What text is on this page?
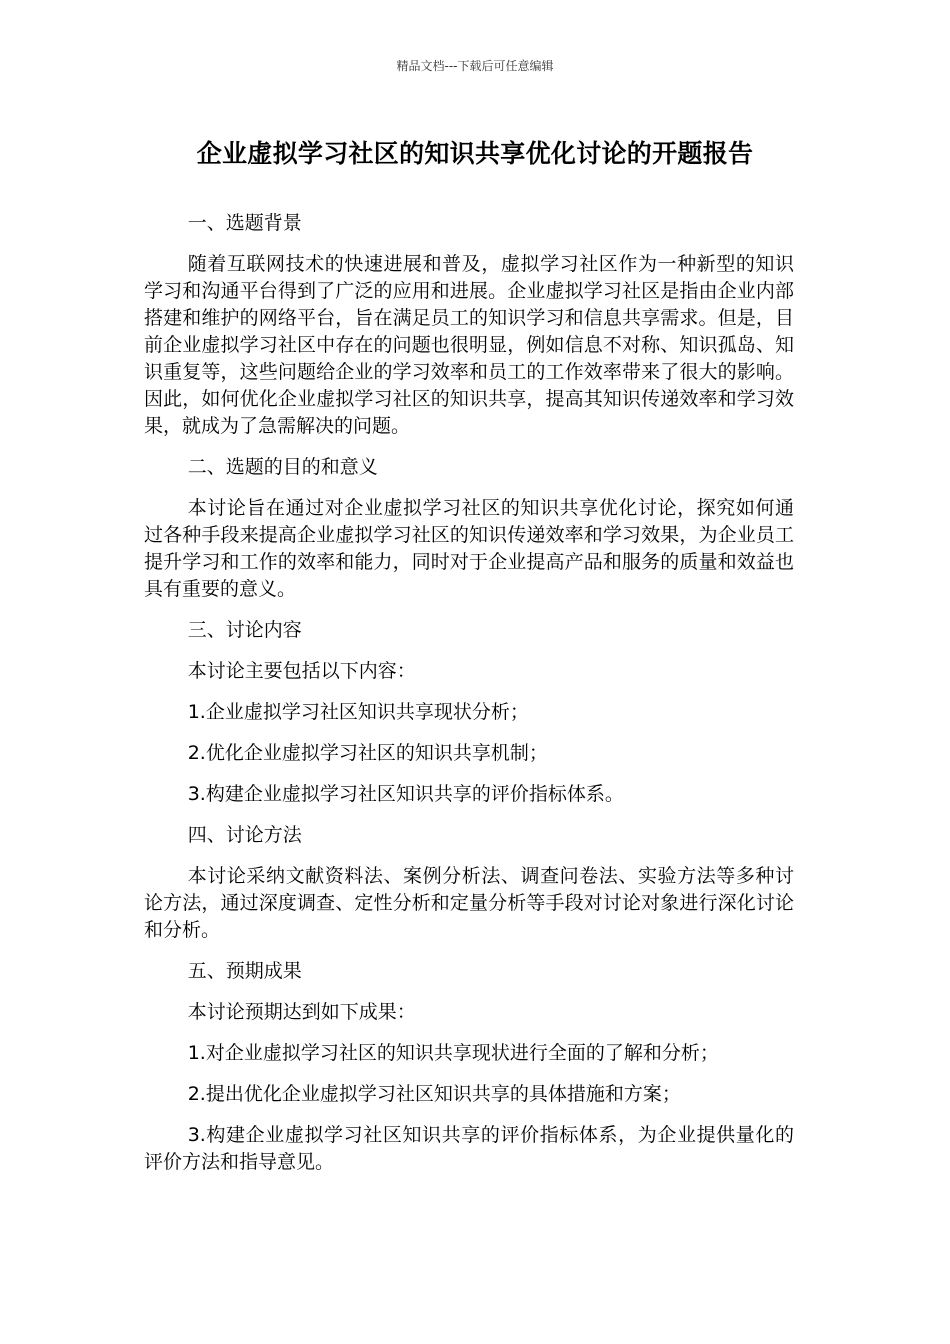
精品文档---下载后可任意编辑
企业虚拟学习社区的知识共享优化讨论的开题报告

一、选题背景

随着互联网技术的快速进展和普及，虚拟学习社区作为一种新型的知识学习和沟通平台得到了广泛的应用和进展。企业虚拟学习社区是指由企业内部搭建和维护的网络平台，旨在满足员工的知识学习和信息共享需求。但是，目前企业虚拟学习社区中存在的问题也很明显，例如信息不对称、知识孤岛、知识重复等，这些问题给企业的学习效率和员工的工作效率带来了很大的影响。因此，如何优化企业虚拟学习社区的知识共享，提高其知识传递效率和学习效果，就成为了急需解决的问题。

二、选题的目的和意义

本讨论旨在通过对企业虚拟学习社区的知识共享优化讨论，探究如何通过各种手段来提高企业虚拟学习社区的知识传递效率和学习效果，为企业员工提升学习和工作的效率和能力，同时对于企业提高产品和服务的质量和效益也具有重要的意义。

三、讨论内容

本讨论主要包括以下内容：

1.企业虚拟学习社区知识共享现状分析；

2.优化企业虚拟学习社区的知识共享机制；

3.构建企业虚拟学习社区知识共享的评价指标体系。

四、讨论方法

本讨论采纳文献资料法、案例分析法、调查问卷法、实验方法等多种讨论方法，通过深度调查、定性分析和定量分析等手段对讨论对象进行深化讨论和分析。

五、预期成果

本讨论预期达到如下成果：

1.对企业虚拟学习社区的知识共享现状进行全面的了解和分析；

2.提出优化企业虚拟学习社区知识共享的具体措施和方案；

3.构建企业虚拟学习社区知识共享的评价指标体系，为企业提供量化的评价方法和指导意见。
